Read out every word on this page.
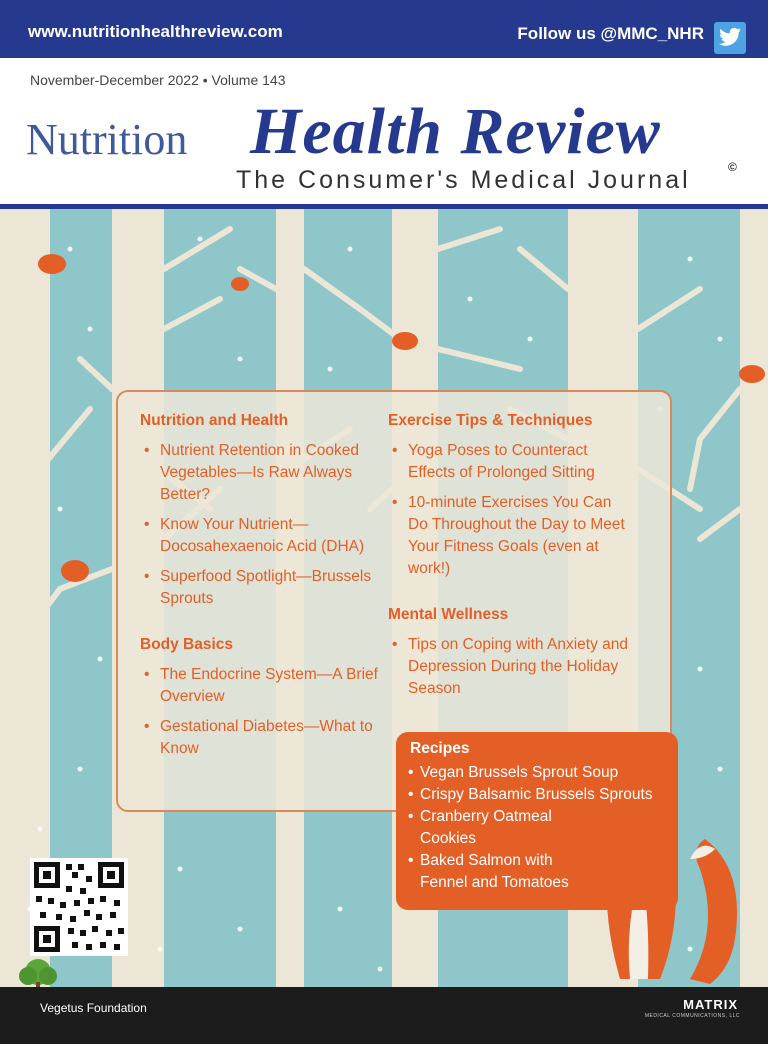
www.nutritionhealthreview.com	Follow us @MMC_NHR
November-December 2022 • Volume 143
Nutrition Health Review
The Consumer's Medical Journal	©
Nutrition and Health
• Nutrient Retention in Cooked Vegetables—Is Raw Always Better?
• Know Your Nutrient—Docosahexaenoic Acid (DHA)
• Superfood Spotlight—Brussels Sprouts
Body Basics
• The Endocrine System—A Brief Overview
• Gestational Diabetes—What to Know
Exercise Tips & Techniques
• Yoga Poses to Counteract Effects of Prolonged Sitting
• 10-minute Exercises You Can Do Throughout the Day to Meet Your Fitness Goals (even at work!)
Mental Wellness
• Tips on Coping with Anxiety and Depression During the Holiday Season
Recipes
• Vegan Brussels Sprout Soup
• Crispy Balsamic Brussels Sprouts
• Cranberry Oatmeal Cookies
• Baked Salmon with Fennel and Tomatoes
Vegetus Foundation	MATRIX
MEDICAL COMMUNICATIONS, LLC
